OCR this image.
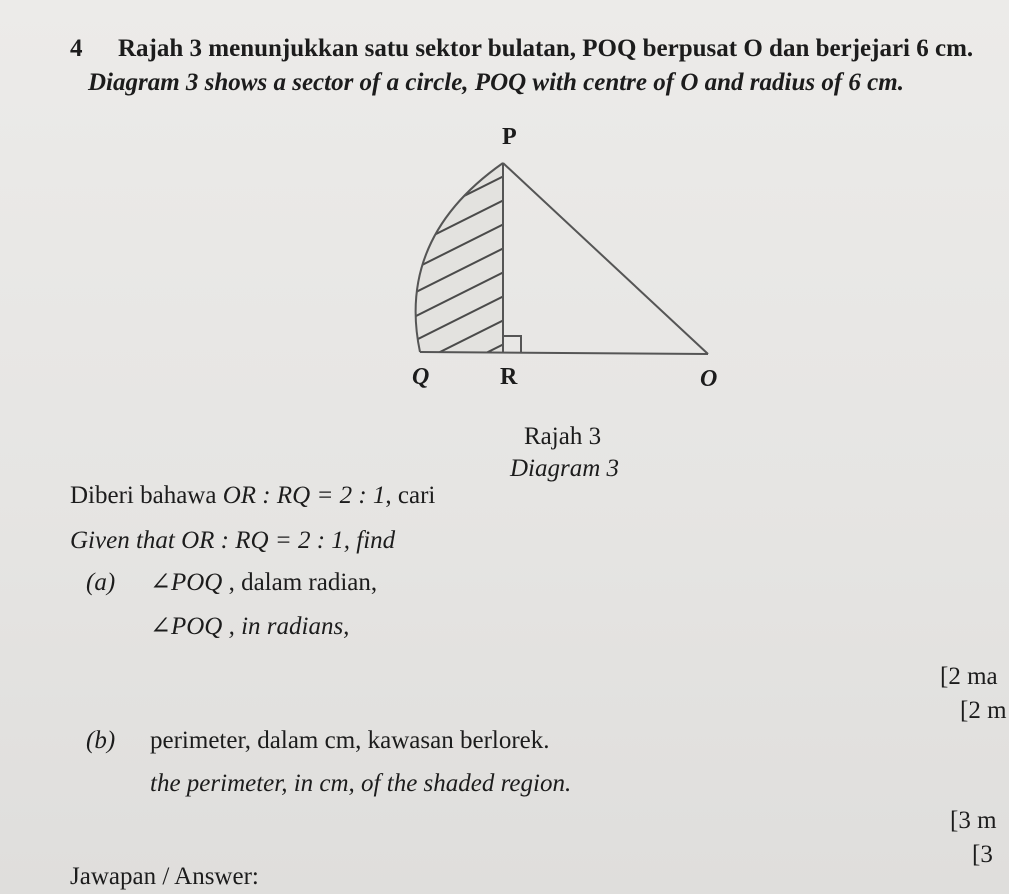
4 Rajah 3 menunjukkan satu sektor bulatan, POQ berpusat O dan berjejari 6 cm.
Diagram 3 shows a sector of a circle, POQ with centre of O and radius of 6 cm.
P
Q	R	O
Rajah 3
Diagram 3
Diberi bahawa OR : RQ = 2 : 1, cari
Given that OR : RQ = 2 : 1, find
(a) ∠POQ , dalam radian,
∠POQ , in radians,
[2 ma
[2 m
(b) perimeter, dalam cm, kawasan berlorek.
the perimeter, in cm, of the shaded region.
[3 m
[3
Jawapan / Answer:
